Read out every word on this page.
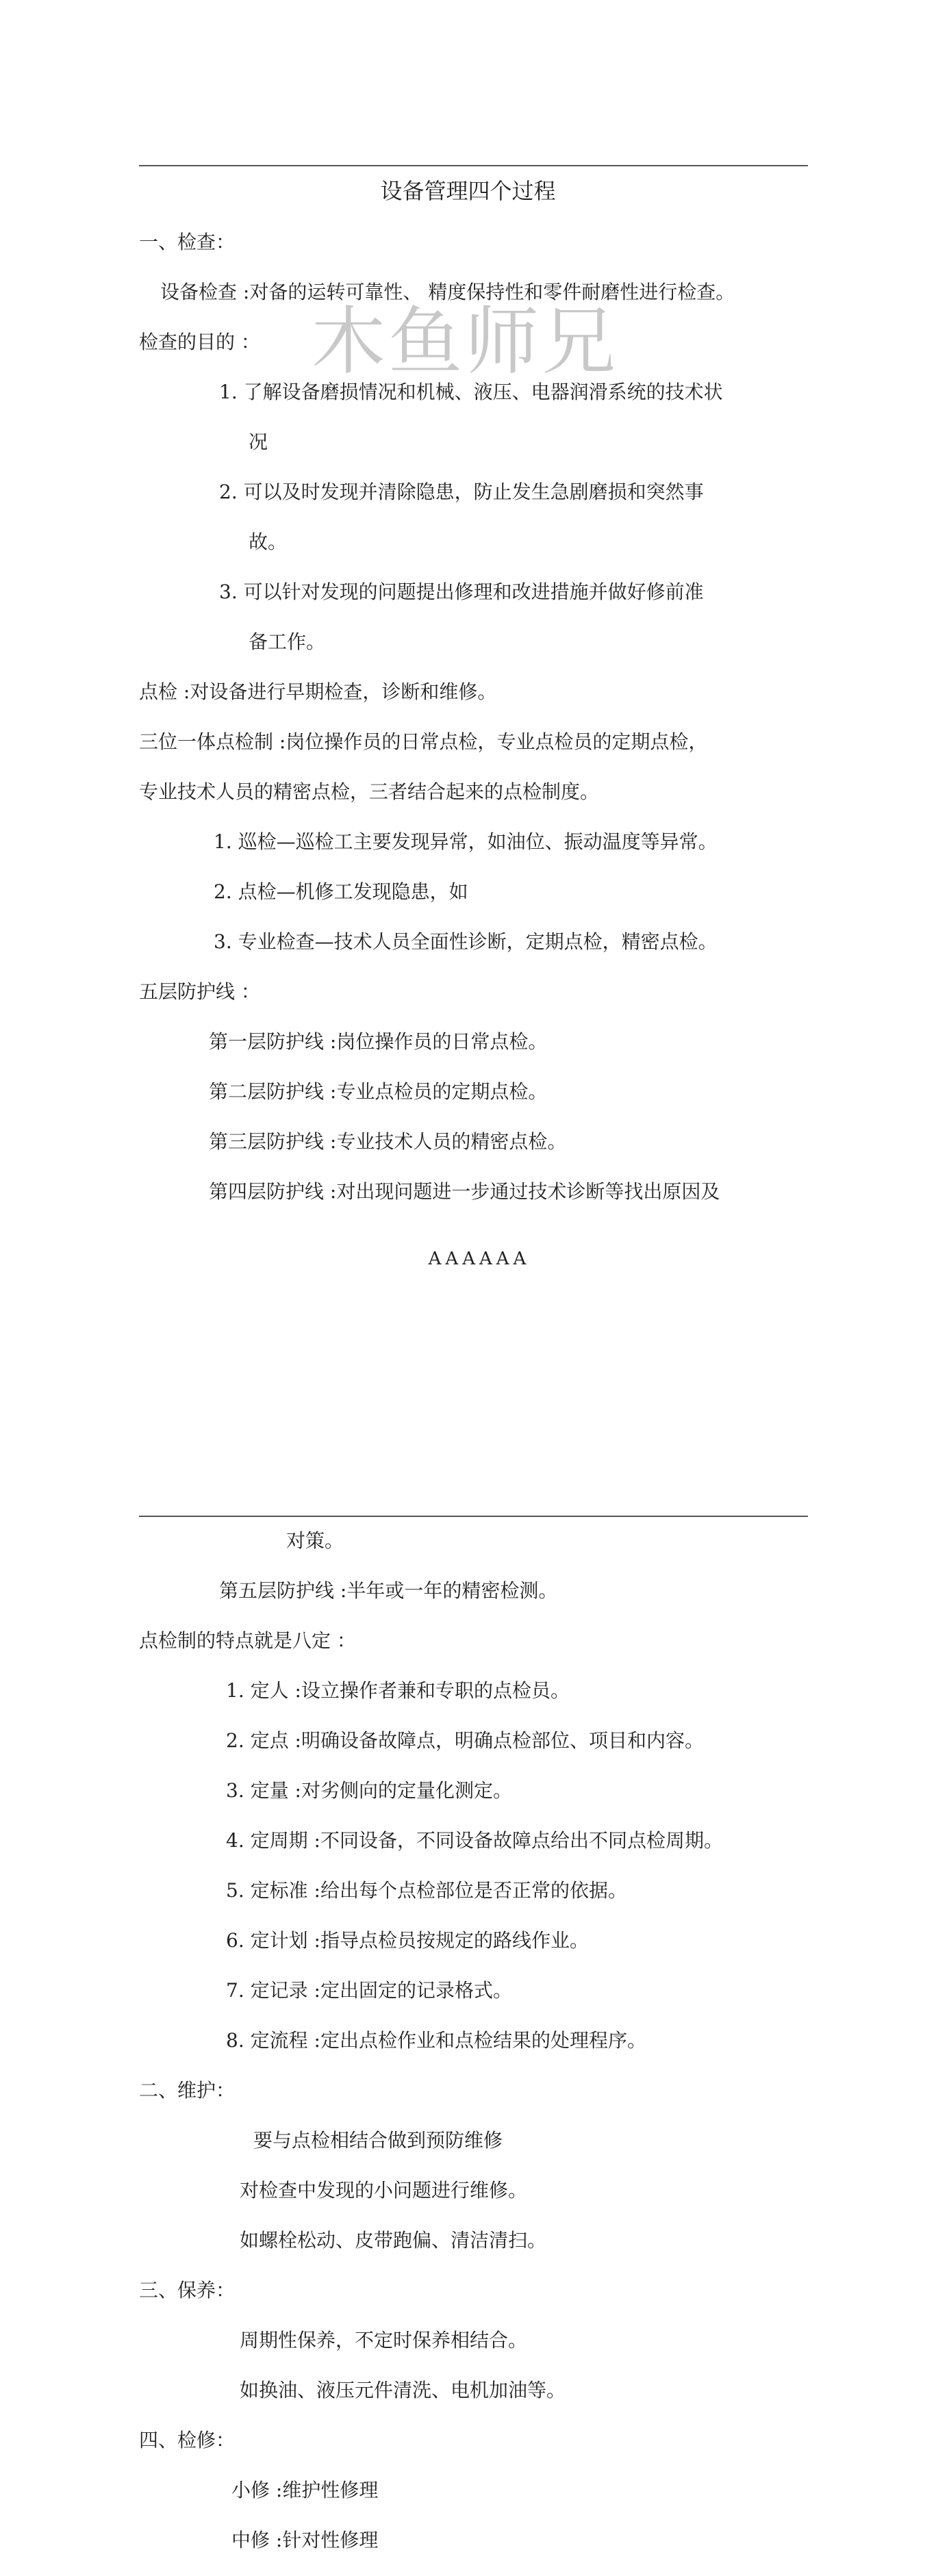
木鱼师兄
设备管理四个过程
一、检查：
设备检查 :对备的运转可靠性、 精度保持性和零件耐磨性进行检查。
检查的目的 ：
1. 了解设备磨损情况和机械、液压、电器润滑系统的技术状
况
2. 可以及时发现并清除隐患，防止发生急剧磨损和突然事
故。
3. 可以针对发现的问题提出修理和改进措施并做好修前准
备工作。
点检 :对设备进行早期检查，诊断和维修。
三位一体点检制 :岗位操作员的日常点检，专业点检员的定期点检，
专业技术人员的精密点检，三者结合起来的点检制度。
1. 巡检—巡检工主要发现异常，如油位、振动温度等异常。
2. 点检—机修工发现隐患，如
3. 专业检查—技术人员全面性诊断，定期点检，精密点检。
五层防护线 ：
第一层防护线 :岗位操作员的日常点检。
第二层防护线 :专业点检员的定期点检。
第三层防护线 :专业技术人员的精密点检。
第四层防护线 :对出现问题进一步通过技术诊断等找出原因及
AAAAAA
对策。
第五层防护线 :半年或一年的精密检测。
点检制的特点就是八定 ：
1. 定人 :设立操作者兼和专职的点检员。
2. 定点 :明确设备故障点，明确点检部位、项目和内容。
3. 定量 :对劣侧向的定量化测定。
4. 定周期 :不同设备，不同设备故障点给出不同点检周期。
5. 定标准 :给出每个点检部位是否正常的依据。
6. 定计划 :指导点检员按规定的路线作业。
7. 定记录 :定出固定的记录格式。
8. 定流程 :定出点检作业和点检结果的处理程序。
二、维护：
要与点检相结合做到预防维修
对检查中发现的小问题进行维修。
如螺栓松动、皮带跑偏、清洁清扫。
三、保养：
周期性保养，不定时保养相结合。
如换油、液压元件清洗、电机加油等。
四、检修：
小修 :维护性修理
中修 :针对性修理
